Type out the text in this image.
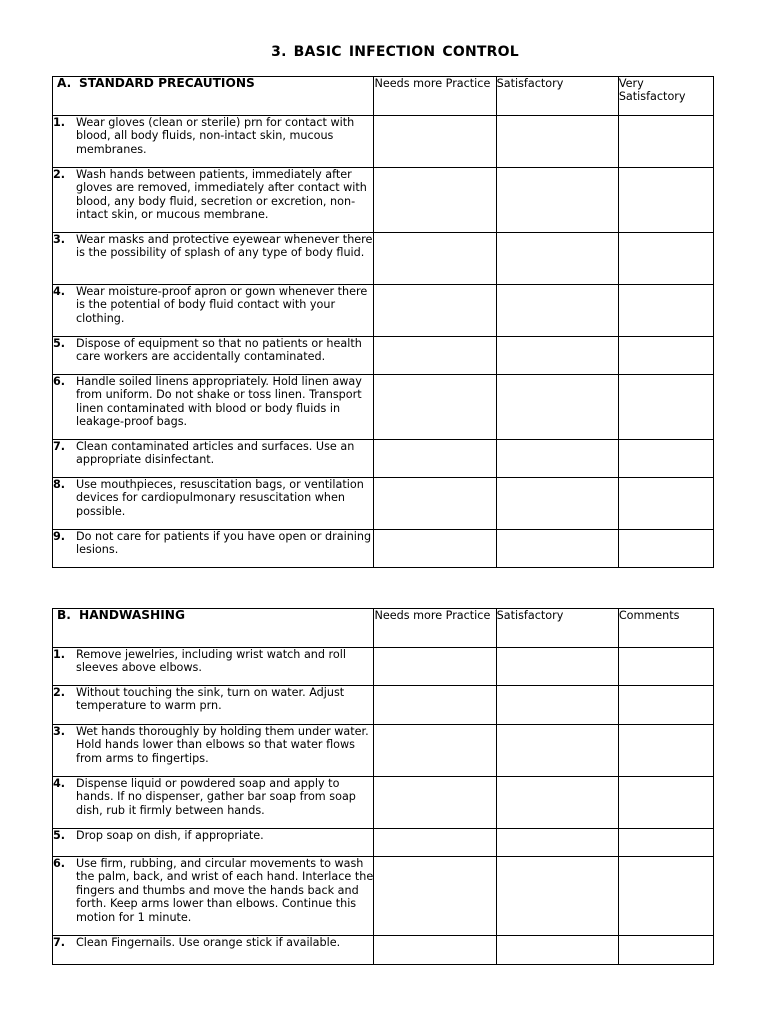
3. BASIC INFECTION CONTROL
A. STANDARD PRECAUTIONS	Needs more Practice	Satisfactory	Very Satisfactory

1. Wear gloves (clean or sterile) prn for contact with blood, all body fluids, non-intact skin, mucous membranes.			

2. Wash hands between patients, immediately after gloves are removed, immediately after contact with blood, any body fluid, secretion or excretion, non-intact skin, or mucous membrane.			

3. Wear masks and protective eyewear whenever there is the possibility of splash of any type of body fluid.			

4. Wear moisture-proof apron or gown whenever there is the potential of body fluid contact with your clothing.			

5. Dispose of equipment so that no patients or health care workers are accidentally contaminated.			

6. Handle soiled linens appropriately. Hold linen away from uniform. Do not shake or toss linen. Transport linen contaminated with blood or body fluids in leakage-proof bags.			

7. Clean contaminated articles and surfaces. Use an appropriate disinfectant.			

8. Use mouthpieces, resuscitation bags, or ventilation devices for cardiopulmonary resuscitation when possible.			

9. Do not care for patients if you have open or draining lesions.			

B. HANDWASHING	Needs more Practice	Satisfactory	Comments

1. Remove jewelries, including wrist watch and roll sleeves above elbows.			

2. Without touching the sink, turn on water. Adjust temperature to warm prn.			

3. Wet hands thoroughly by holding them under water. Hold hands lower than elbows so that water flows from arms to fingertips.			

4. Dispense liquid or powdered soap and apply to hands. If no dispenser, gather bar soap from soap dish, rub it firmly between hands.			

5. Drop soap on dish, if appropriate.			

6. Use firm, rubbing, and circular movements to wash the palm, back, and wrist of each hand. Interlace the fingers and thumbs and move the hands back and forth. Keep arms lower than elbows. Continue this motion for 1 minute.			

7. Clean Fingernails. Use orange stick if available.			
